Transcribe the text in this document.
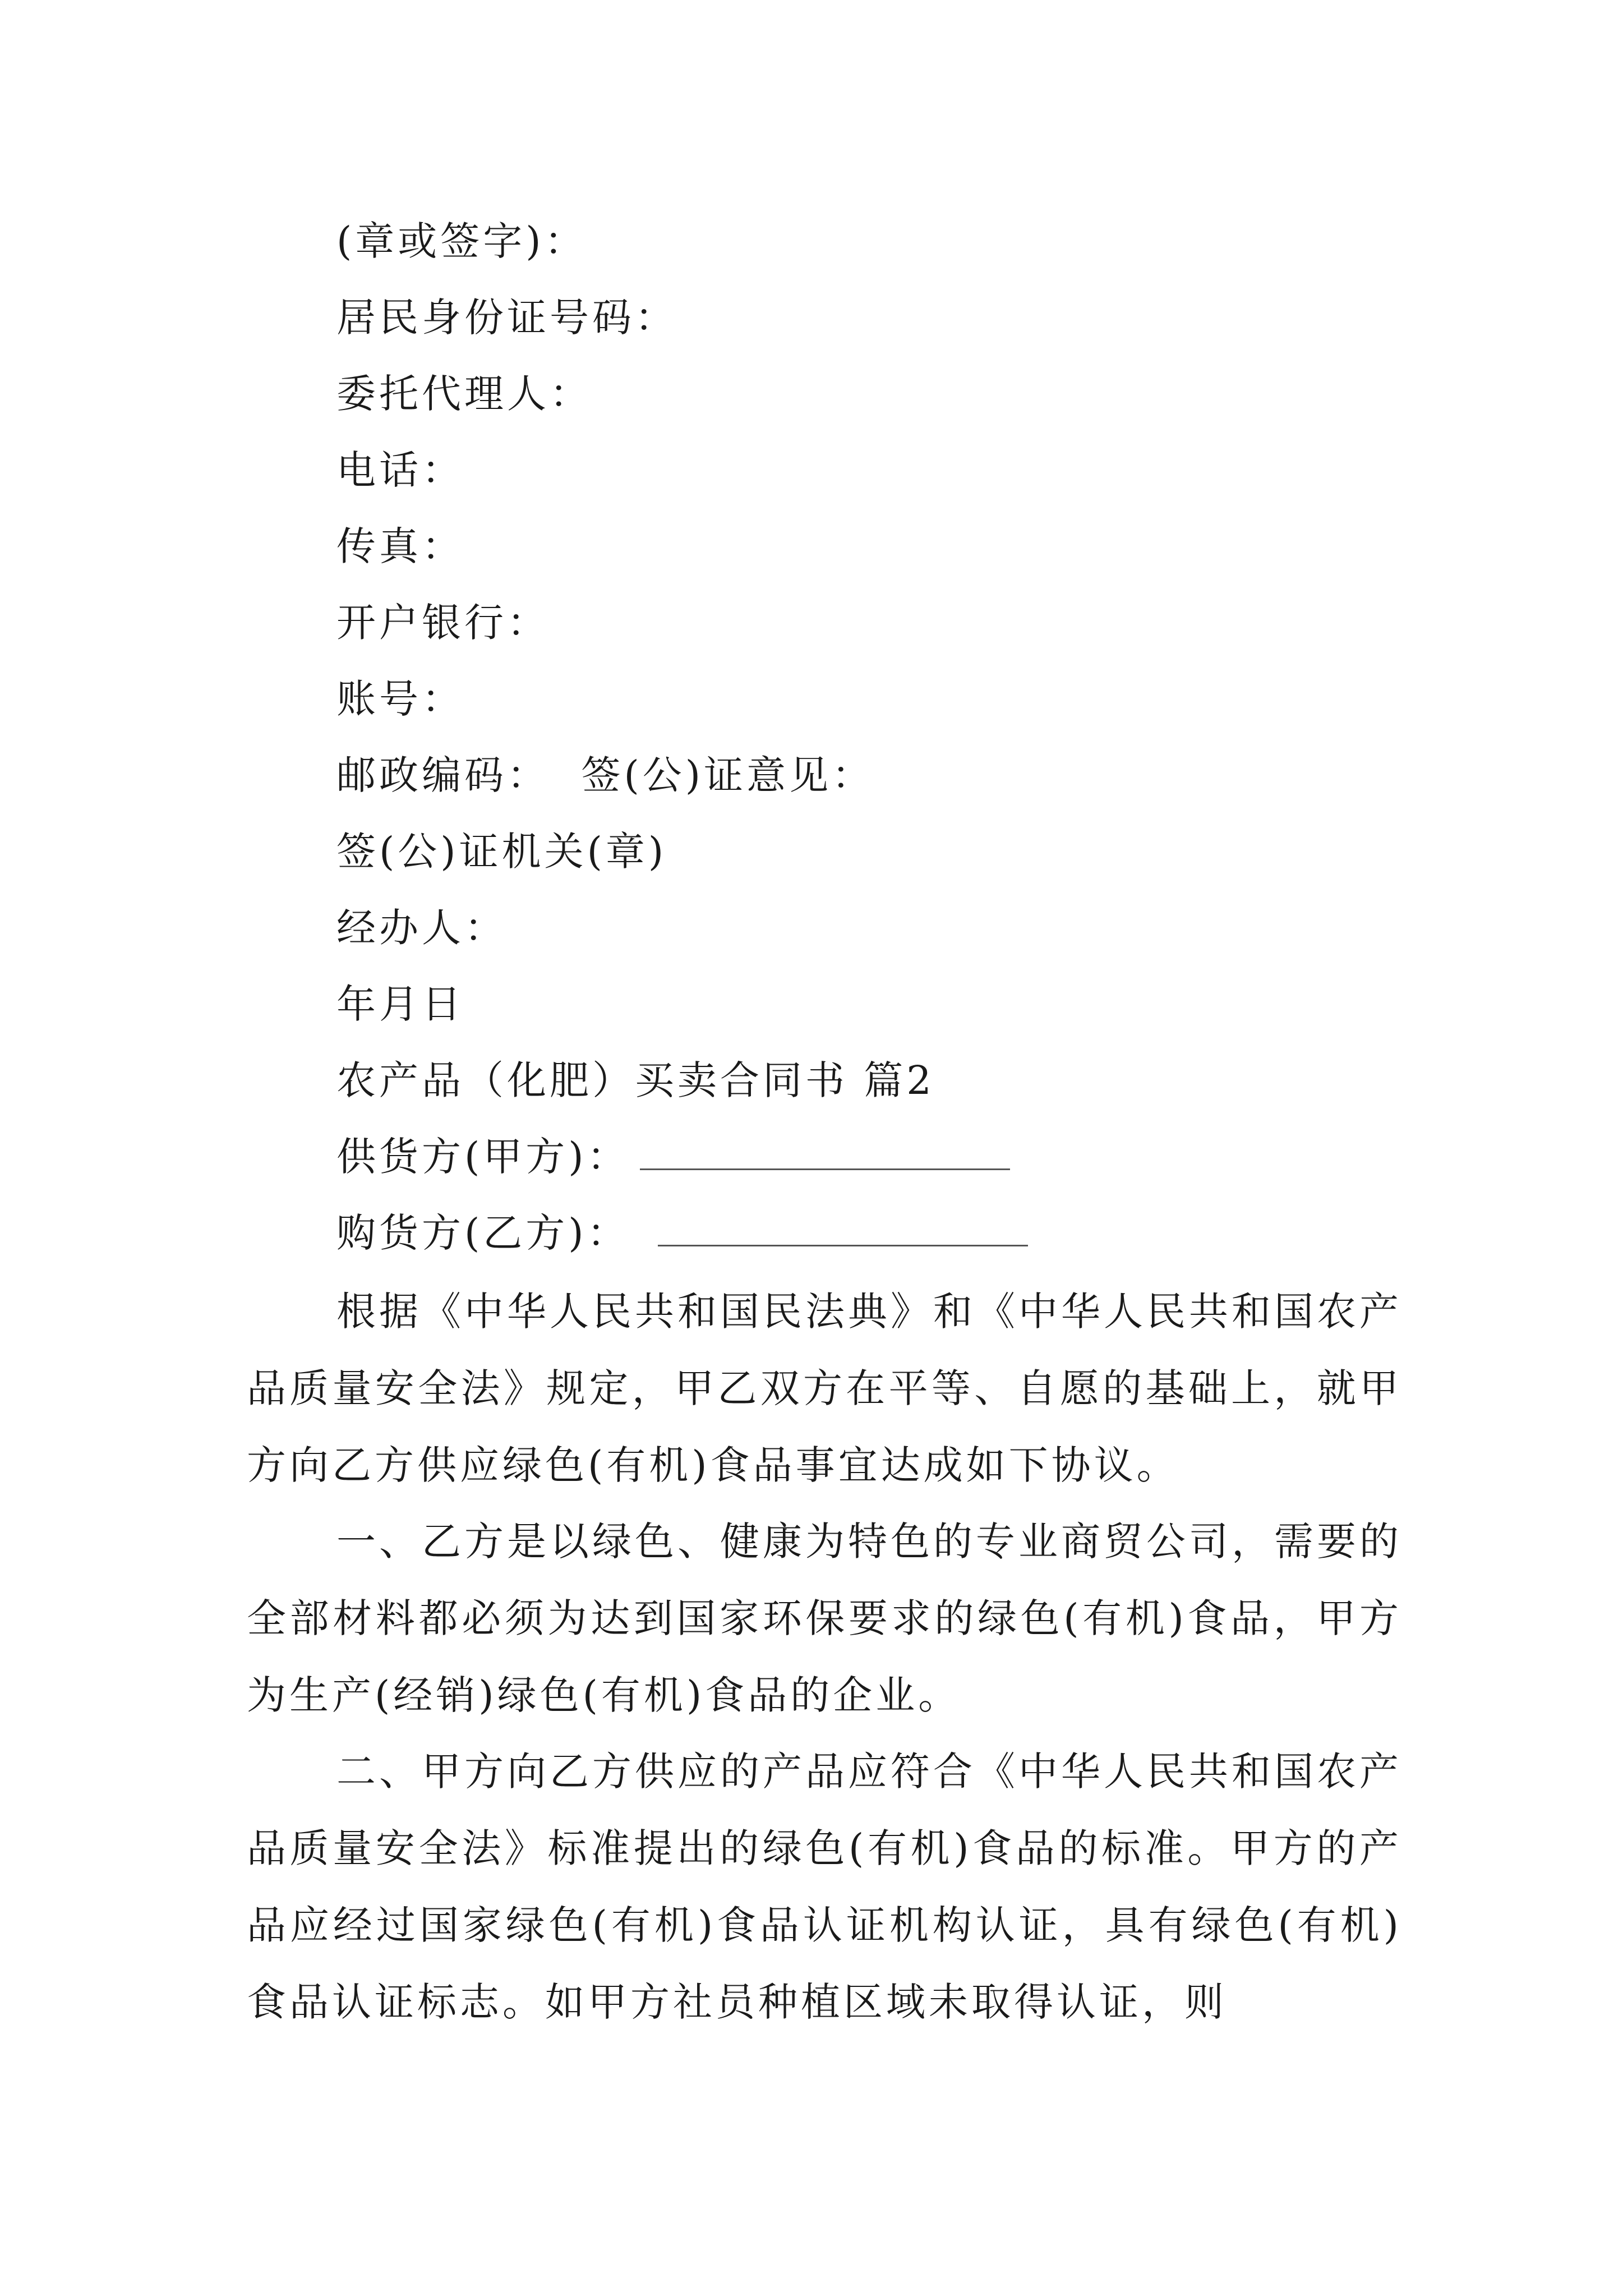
(章或签字)：
居民身份证号码：
委托代理人：
电话：
传真：
开户银行：
账号：
邮政编码：  签(公)证意见：
签(公)证机关(章)
经办人：
年月日
农产品（化肥）买卖合同书 篇2
供货方(甲方)：
购货方(乙方)：
根据《中华人民共和国民法典》和《中华人民共和国农产品质量安全法》规定，甲乙双方在平等、自愿的基础上，就甲方向乙方供应绿色(有机)食品事宜达成如下协议。
一、乙方是以绿色、健康为特色的专业商贸公司，需要的全部材料都必须为达到国家环保要求的绿色(有机)食品，甲方为生产(经销)绿色(有机)食品的企业。
二、甲方向乙方供应的产品应符合《中华人民共和国农产品质量安全法》标准提出的绿色(有机)食品的标准。甲方的产品应经过国家绿色(有机)食品认证机构认证，具有绿色(有机)食品认证标志。如甲方社员种植区域未取得认证，则
